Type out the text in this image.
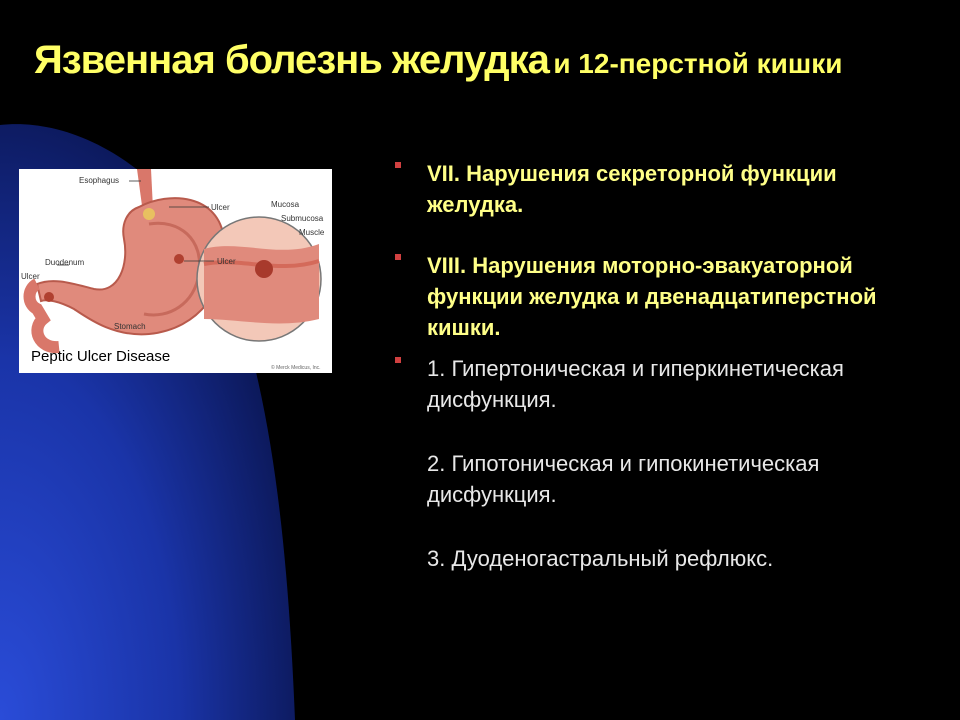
Язвенная болезнь желудка и 12-перстной кишки
Esophagus
Ulcer	Mucosa
Submucosa
Muscle
Duodenum
Ulcer
Ulcer
Stomach
Peptic Ulcer Disease
© Merck Medicus, Inc.
VII. Нарушения секреторной функции желудка.
VIII. Нарушения моторно-эвакуаторной функции желудка и двенадцатиперстной кишки.
1. Гипертоническая и гиперкинетическая дисфункция.
2. Гипотоническая и гипокинетическая дисфункция.
3. Дуоденогастральный рефлюкс.
